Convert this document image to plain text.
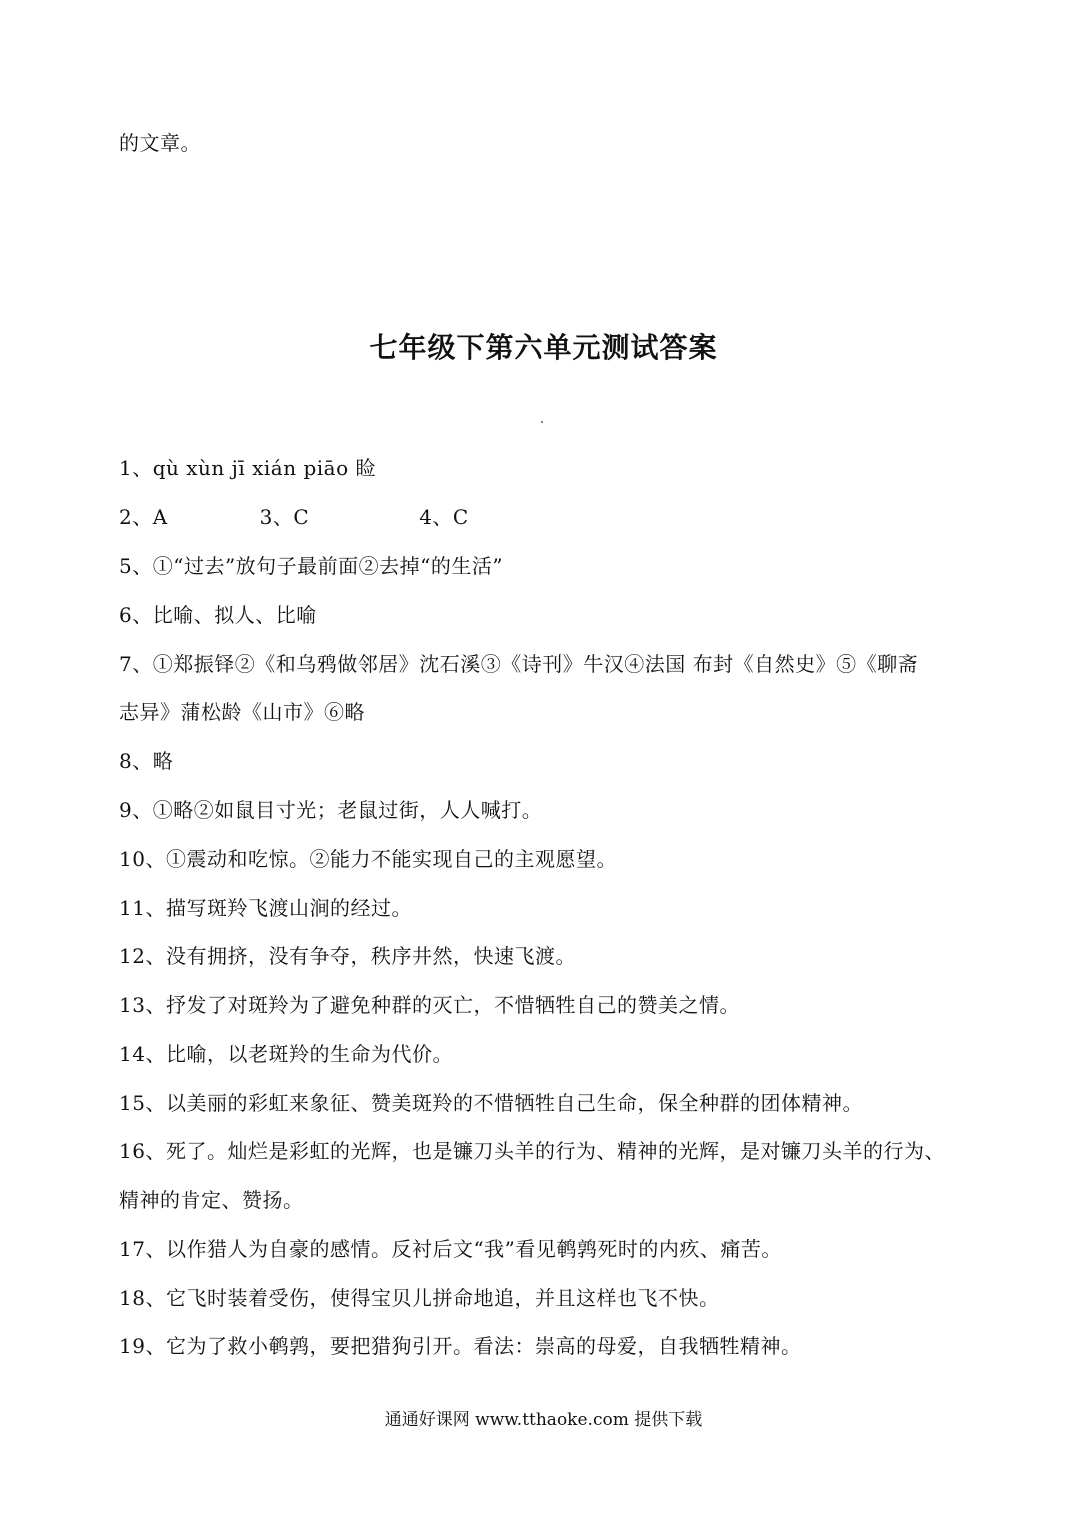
的文章。
七年级下第六单元测试答案
1、qù xùn jī xián piāo 睑
2、A	3、C	4、C
5、①“过去”放句子最前面②去掉“的生活”
6、比喻、拟人、比喻
7、①郑振铎②《和乌鸦做邻居》沈石溪③《诗刊》牛汉④法国 布封《自然史》⑤《聊斋
志异》蒲松龄《山市》⑥略
8、略
9、①略②如鼠目寸光；老鼠过街，人人喊打。
10、①震动和吃惊。②能力不能实现自己的主观愿望。
11、描写斑羚飞渡山涧的经过。
12、没有拥挤，没有争夺，秩序井然，快速飞渡。
13、抒发了对斑羚为了避免种群的灭亡，不惜牺牲自己的赞美之情。
14、比喻，以老斑羚的生命为代价。
15、以美丽的彩虹来象征、赞美斑羚的不惜牺牲自己生命，保全种群的团体精神。
16、死了。灿烂是彩虹的光辉，也是镰刀头羊的行为、精神的光辉，是对镰刀头羊的行为、
精神的肯定、赞扬。
17、以作猎人为自豪的感情。反衬后文“我”看见鹌鹑死时的内疚、痛苦。
18、它飞时装着受伤，使得宝贝儿拼命地追，并且这样也飞不快。
19、它为了救小鹌鹑，要把猎狗引开。看法：崇高的母爱，自我牺牲精神。
通通好课网 www.tthaoke.com 提供下载
